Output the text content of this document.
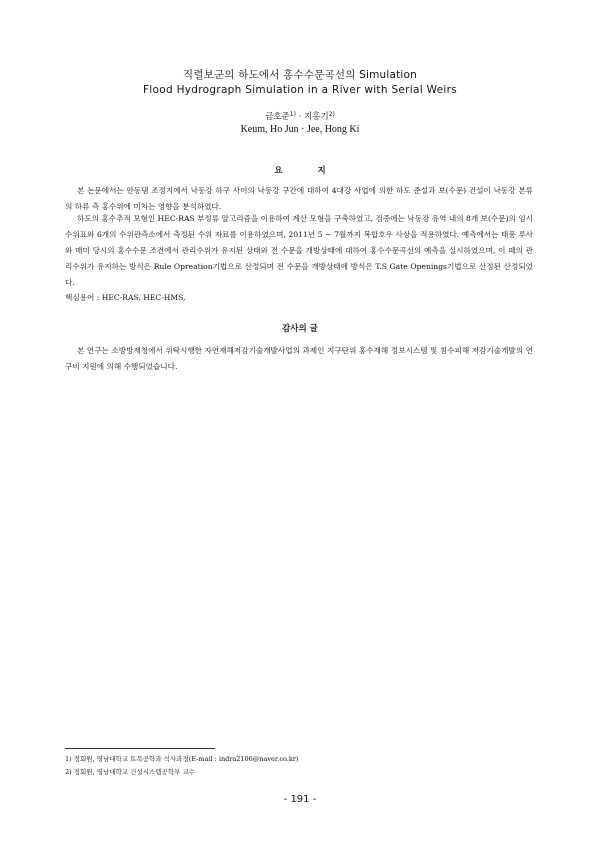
직렬보군의 하도에서 홍수수문곡선의 Simulation
Flood Hydrograph Simulation in a River with Serial Weirs
금호준$^{1)}$ · 지홍기$^{2)}$
Keum, Ho Jun · Jee, Hong Ki
요 지
본 논문에서는 안동댐 조정지에서 낙동강 하구 사이의 낙동강 구간에 대하여 4대강 사업에 의한 하도 준설과 보(수문) 건설이 낙동강 본류의 하류 측 홍수위에 미치는 영향을 분석하였다.
하도의 홍수추적 모형인 HEC-RAS 부정류 알고리즘을 이용하여 계산 모형을 구축하였고, 검증에는 낙동강 유역 내의 8개 보(수문)의 임시수위표와 6개의 수위관측소에서 측정된 수위 자료를 이용하였으며, 2011년 5 ~ 7월까지 복합호우 사상을 적용하였다. 예측에서는 태풍 루사와 매미 당시의 홍수수문 조건에서 관리수위가 유지된 상태와 전 수문을 개방상태에 대하여 홍수수문곡선의 예측을 실시하였으며, 이 때의 관리수위가 유지하는 방식은 Rule Opreation기법으로 산정되며 전 수문을 개방상태에 방식은 T.S Gate Openings기법으로 산정된 산정되었다.
핵심용어 : HEC-RAS, HEC-HMS,
감사의 글
본 연구는 소방방재청에서 위탁시행한 자연재해저감기술개발사업의 과제인 지구단위 홍수재해 정보시스템 및 침수피해 저감기술개발의 연구비 지원에 의해 수행되었습니다.
1) 정회원, 영남대학교 토목공학과 석사과정(E-mail : indra2106@naver.co.kr)
2) 정회원, 영남대학교 건설시스템공학부 교수
- 191 -
